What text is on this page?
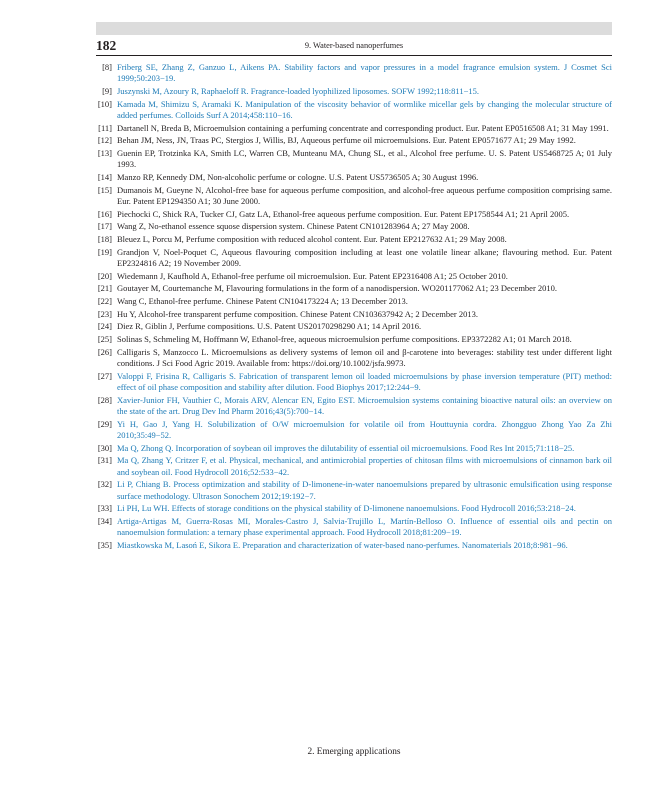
182	9. Water-based nanoperfumes
[8] Friberg SE, Zhang Z, Ganzuo L, Aikens PA. Stability factors and vapor pressures in a model fragrance emulsion system. J Cosmet Sci 1999;50:203−19.
[9] Juszynski M, Azoury R, Raphaeloff R. Fragrance-loaded lyophilized liposomes. SOFW 1992;118:811−15.
[10] Kamada M, Shimizu S, Aramaki K. Manipulation of the viscosity behavior of wormlike micellar gels by changing the molecular structure of added perfumes. Colloids Surf A 2014;458:110−16.
[11] Dartanell N, Breda B, Microemulsion containing a perfuming concentrate and corresponding product. Eur. Patent EP0516508 A1; 31 May 1991.
[12] Behan JM, Ness, JN, Traas PC, Stergios J, Willis, BJ, Aqueous perfume oil microemulsions. Eur. Patent EP0571677 A1; 29 May 1992.
[13] Guenin EP, Trotzinka KA, Smith LC, Warren CB, Munteanu MA, Chung SL, et al., Alcohol free perfume. U. S. Patent US5468725 A; 01 July 1993.
[14] Manzo RP, Kennedy DM, Non-alcoholic perfume or cologne. U.S. Patent US5736505 A; 30 August 1996.
[15] Dumanois M, Gueyne N, Alcohol-free base for aqueous perfume composition, and alcohol-free aqueous perfume composition comprising same. Eur. Patent EP1294350 A1; 30 June 2000.
[16] Piechocki C, Shick RA, Tucker CJ, Gatz LA, Ethanol-free aqueous perfume composition. Eur. Patent EP1758544 A1; 21 April 2005.
[17] Wang Z, No-ethanol essence squose dispersion system. Chinese Patent CN101283964 A; 27 May 2008.
[18] Bleuez L, Porcu M, Perfume composition with reduced alcohol content. Eur. Patent EP2127632 A1; 29 May 2008.
[19] Grandjon V, Noel-Poquet C, Aqueous flavouring composition including at least one volatile linear alkane; flavouring method. Eur. Patent EP2324816 A2; 19 November 2009.
[20] Wiedemann J, Kaufhold A, Ethanol-free perfume oil microemulsion. Eur. Patent EP2316408 A1; 25 October 2010.
[21] Goutayer M, Courtemanche M, Flavouring formulations in the form of a nanodispersion. WO201177062 A1; 23 December 2010.
[22] Wang C, Ethanol-free perfume. Chinese Patent CN104173224 A; 13 December 2013.
[23] Hu Y, Alcohol-free transparent perfume composition. Chinese Patent CN103637942 A; 2 December 2013.
[24] Diez R, Giblin J, Perfume compositions. U.S. Patent US20170298290 A1; 14 April 2016.
[25] Solinas S, Schmeling M, Hoffmann W, Ethanol-free, aqueous microemulsion perfume compositions. EP3372282 A1; 01 March 2018.
[26] Calligaris S, Manzocco L. Microemulsions as delivery systems of lemon oil and β-carotene into beverages: stability test under different light conditions. J Sci Food Agric 2019. Available from: https://doi.org/10.1002/jsfa.9973.
[27] Valoppi F, Frisina R, Calligaris S. Fabrication of transparent lemon oil loaded microemulsions by phase inversion temperature (PIT) method: effect of oil phase composition and stability after dilution. Food Biophys 2017;12:244−9.
[28] Xavier-Junior FH, Vauthier C, Morais ARV, Alencar EN, Egito EST. Microemulsion systems containing bioactive natural oils: an overview on the state of the art. Drug Dev Ind Pharm 2016;43(5):700−14.
[29] Yi H, Gao J, Yang H. Solubilization of O/W microemulsion for volatile oil from Houttuynia cordra. Zhongguo Zhong Yao Za Zhi 2010;35:49−52.
[30] Ma Q, Zhong Q. Incorporation of soybean oil improves the dilutability of essential oil microemulsions. Food Res Int 2015;71:118−25.
[31] Ma Q, Zhang Y, Critzer F, et al. Physical, mechanical, and antimicrobial properties of chitosan films with microemulsions of cinnamon bark oil and soybean oil. Food Hydrocoll 2016;52:533−42.
[32] Li P, Chiang B. Process optimization and stability of D-limonene-in-water nanoemulsions prepared by ultrasonic emulsification using response surface methodology. Ultrason Sonochem 2012;19:192−7.
[33] Li PH, Lu WH. Effects of storage conditions on the physical stability of D-limonene nanoemulsions. Food Hydrocoll 2016;53:218−24.
[34] Artiga-Artigas M, Guerra-Rosas MI, Morales-Castro J, Salvia-Trujillo L, Martín-Belloso O. Influence of essential oils and pectin on nanoemulsion formulation: a ternary phase experimental approach. Food Hydrocoll 2018;81:209−19.
[35] Miastkowska M, Lasoń E, Sikora E. Preparation and characterization of water-based nano-perfumes. Nanomaterials 2018;8:981−96.
2. Emerging applications
